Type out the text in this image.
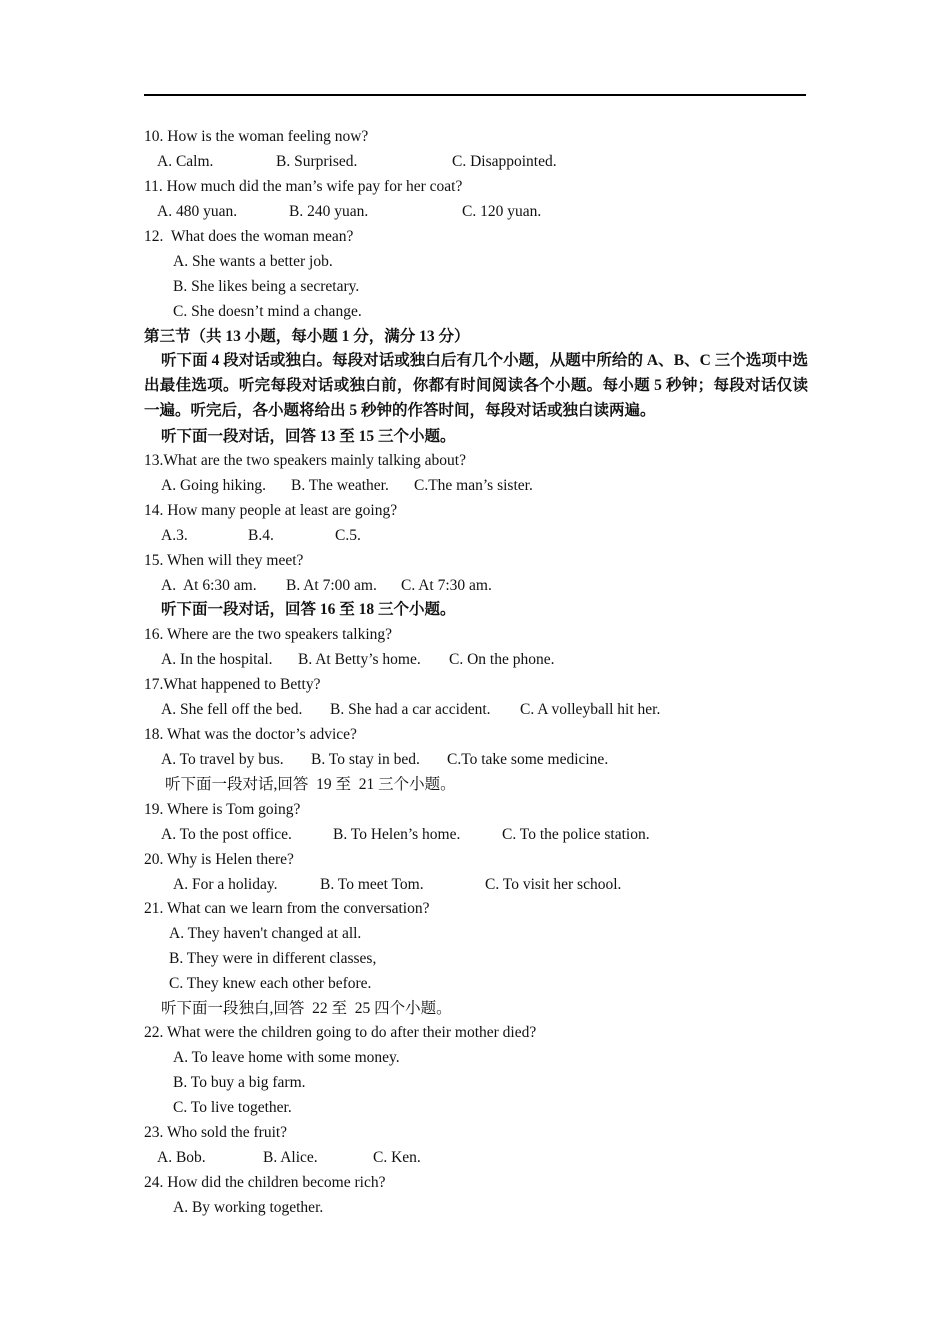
10. How is the woman feeling now?
A. Calm.	B. Surprised.	C. Disappointed.
11. How much did the man’s wife pay for her coat?
A. 480 yuan.	B. 240 yuan.	C. 120 yuan.
12.  What does the woman mean?
A. She wants a better job.
B. She likes being a secretary.
C. She doesn’t mind a change.
第三节（共 13 小题，每小题 1 分，满分 13 分）
听下面 4 段对话或独白。每段对话或独白后有几个小题，从题中所给的 A、B、C 三个选项中选出最佳选项。听完每段对话或独白前，你都有时间阅读各个小题。每小题 5 秒钟；每段对话仅读一遍。听完后，各小题将给出 5 秒钟的作答时间，每段对话或独白读两遍。
听下面一段对话，回答 13 至 15 三个小题。
13.What are the two speakers mainly talking about?
A. Going hiking. B. The weather. C.The man’s sister.
14. How many people at least are going?
A.3.	B.4.	C.5.
15. When will they meet?
A.  At 6:30 am. B. At 7:00 am. C. At 7:30 am.
听下面一段对话，回答 16 至 18 三个小题。
16. Where are the two speakers talking?
A. In the hospital. B. At Betty’s home. C. On the phone.
17.What happened to Betty?
A. She fell off the bed. B. She had a car accident. C. A volleyball hit her.
18. What was the doctor’s advice?
A. To travel by bus. B. To stay in bed. C.To take some medicine.
听下面一段对话,回答  19 至  21 三个小题。
19. Where is Tom going?
A. To the post office.	B. To Helen’s home.	C. To the police station.
20. Why is Helen there?
A. For a holiday.	B. To meet Tom.	C. To visit her school.
21. What can we learn from the conversation?
A. They haven't changed at all.
B. They were in different classes,
C. They knew each other before.
听下面一段独白,回答  22 至  25 四个小题。
22. What were the children going to do after their mother died?
A. To leave home with some money.
B. To buy a big farm.
C. To live together.
23. Who sold the fruit?
A. Bob.	B. Alice.	C. Ken.
24. How did the children become rich?
A. By working together.
